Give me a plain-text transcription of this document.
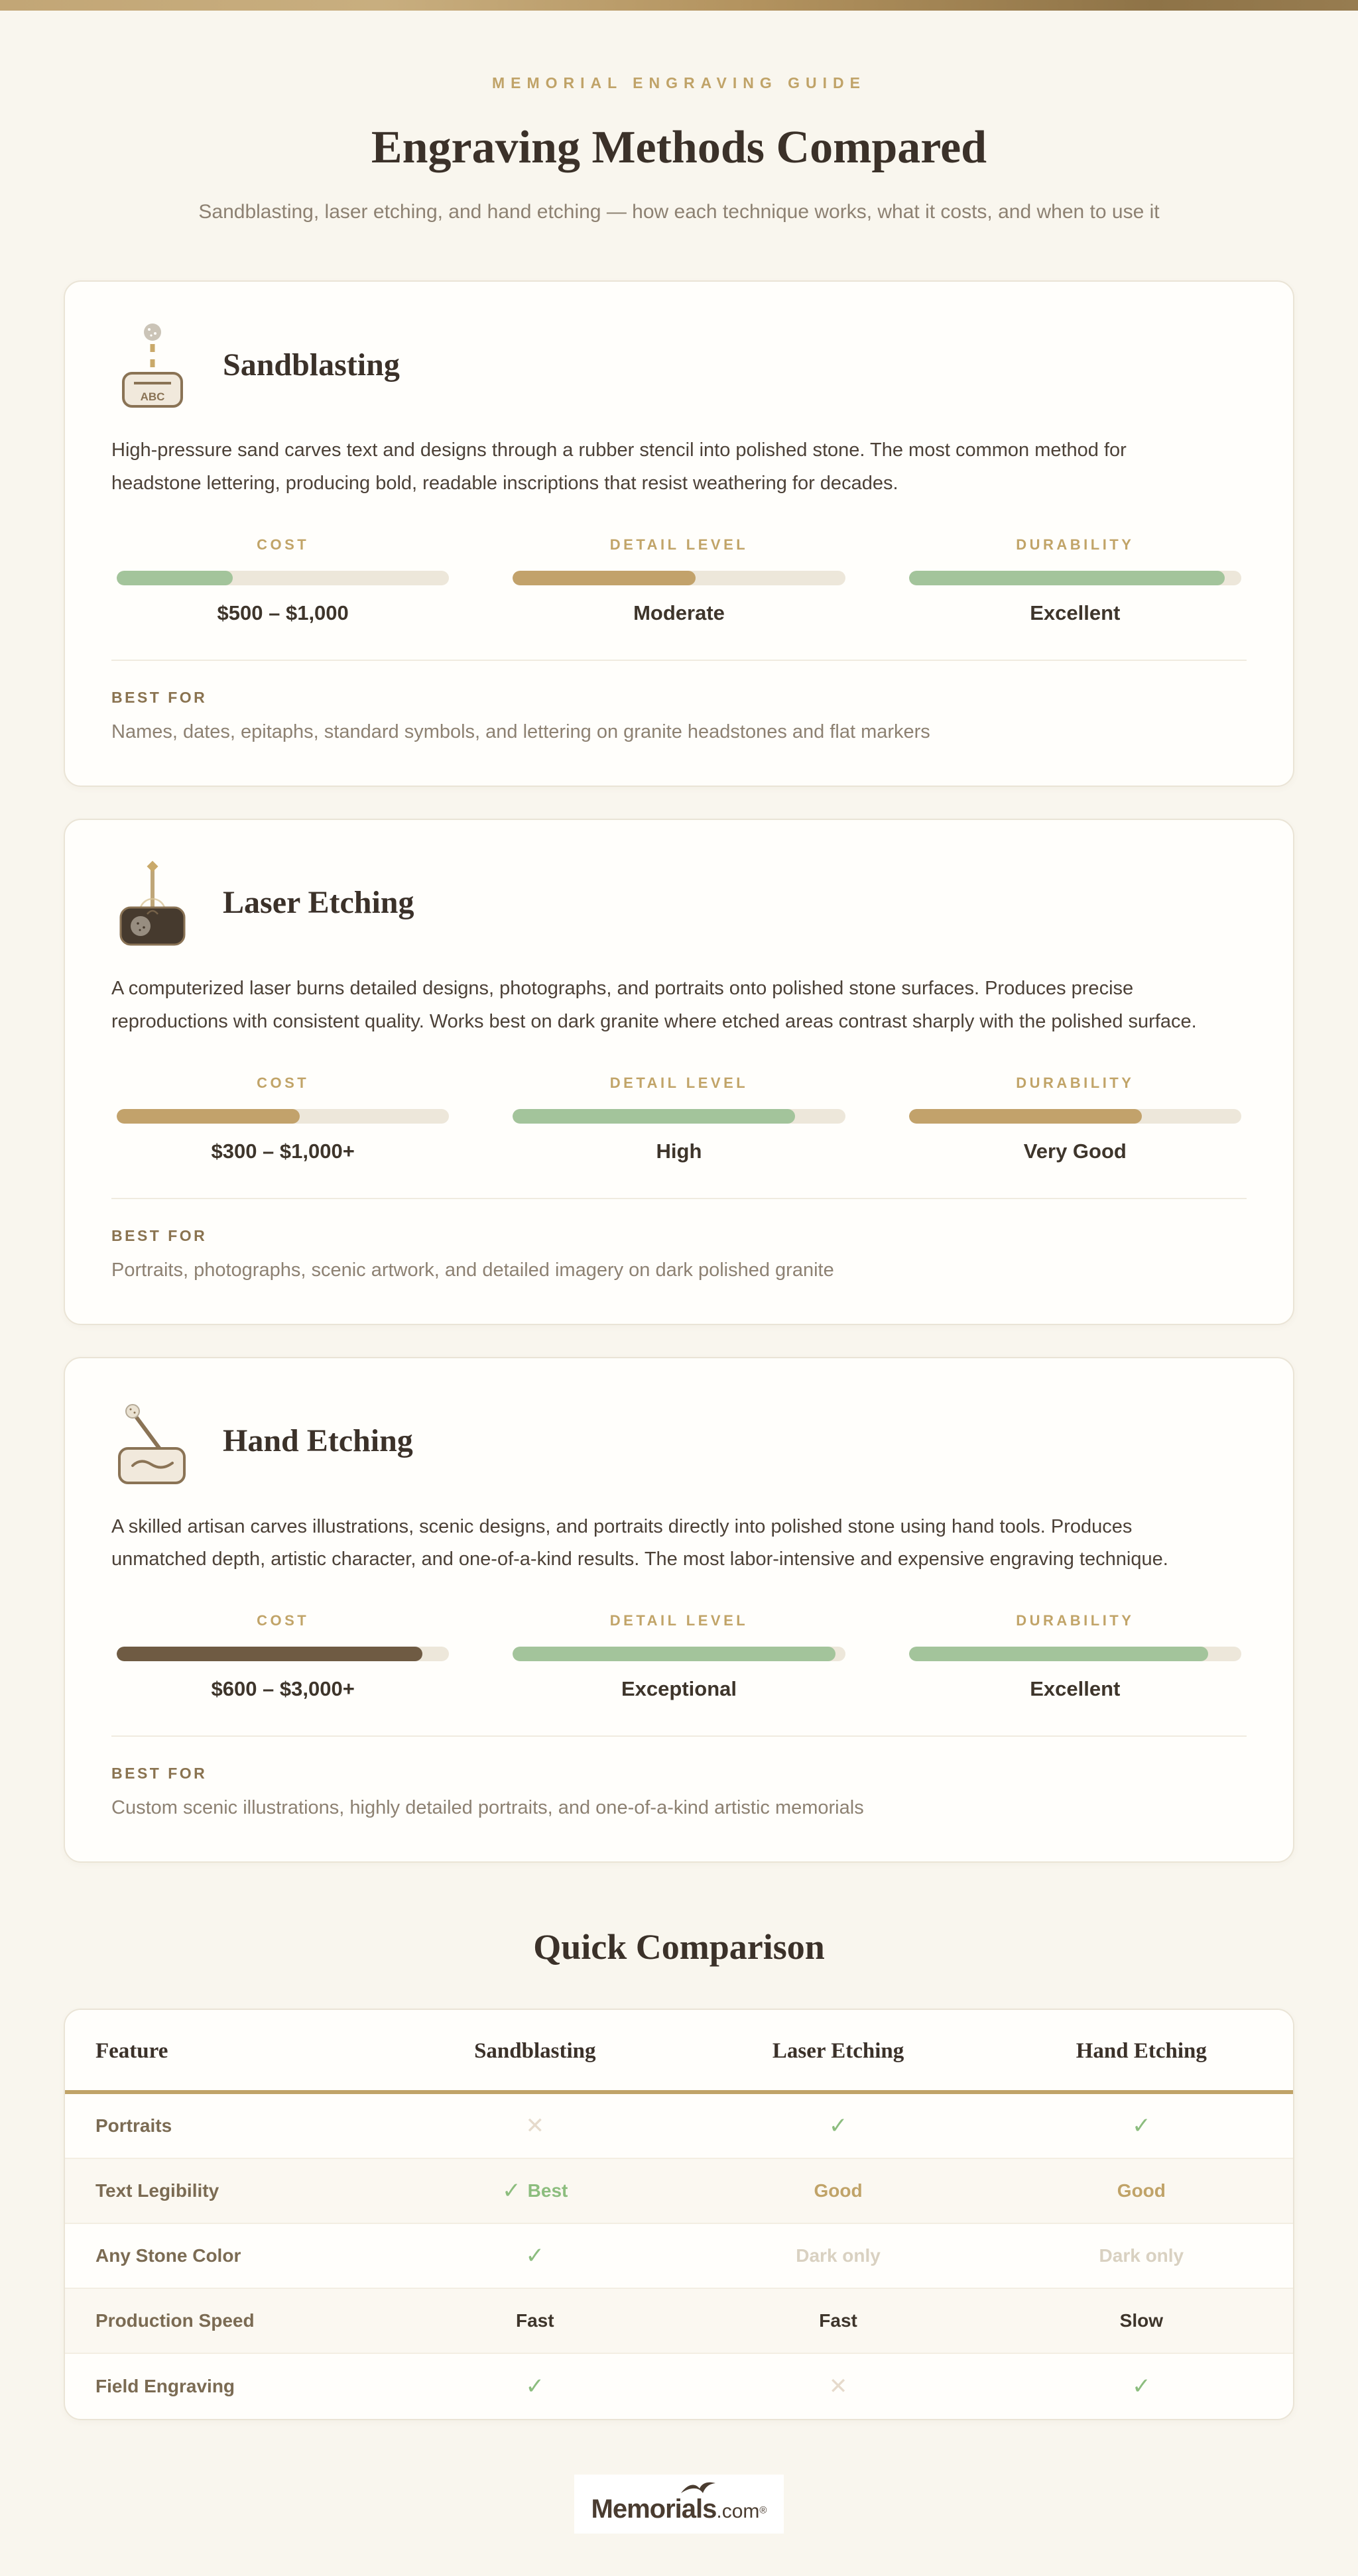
MEMORIAL ENGRAVING GUIDE
Engraving Methods Compared
Sandblasting, laser etching, and hand etching — how each technique works, what it costs, and when to use it
ABC
Sandblasting

High-pressure sand carves text and designs through a rubber stencil into polished stone. The most common method for headstone lettering, producing bold, readable inscriptions that resist weathering for decades.

COST
$500 – $1,000
DETAIL LEVEL
Moderate
DURABILITY
Excellent
BEST FOR
Names, dates, epitaphs, standard symbols, and lettering on granite headstones and flat markers
Laser Etching

A computerized laser burns detailed designs, photographs, and portraits onto polished stone surfaces. Produces precise reproductions with consistent quality. Works best on dark granite where etched areas contrast sharply with the polished surface.

COST
$300 – $1,000+
DETAIL LEVEL
High
DURABILITY
Very Good
BEST FOR
Portraits, photographs, scenic artwork, and detailed imagery on dark polished granite
Hand Etching

A skilled artisan carves illustrations, scenic designs, and portraits directly into polished stone using hand tools. Produces unmatched depth, artistic character, and one-of-a-kind results. The most labor-intensive and expensive engraving technique.

COST
$600 – $3,000+
DETAIL LEVEL
Exceptional
DURABILITY
Excellent
BEST FOR
Custom scenic illustrations, highly detailed portraits, and one-of-a-kind artistic memorials
Quick Comparison
Feature	Sandblasting	Laser Etching	Hand Etching
Portraits	✕	✓	✓
Text Legibility	✓ Best	Good	Good
Any Stone Color	✓	Dark only	Dark only
Production Speed	Fast	Fast	Slow
Field Engraving	✓	✕	✓
Memorials.com®
